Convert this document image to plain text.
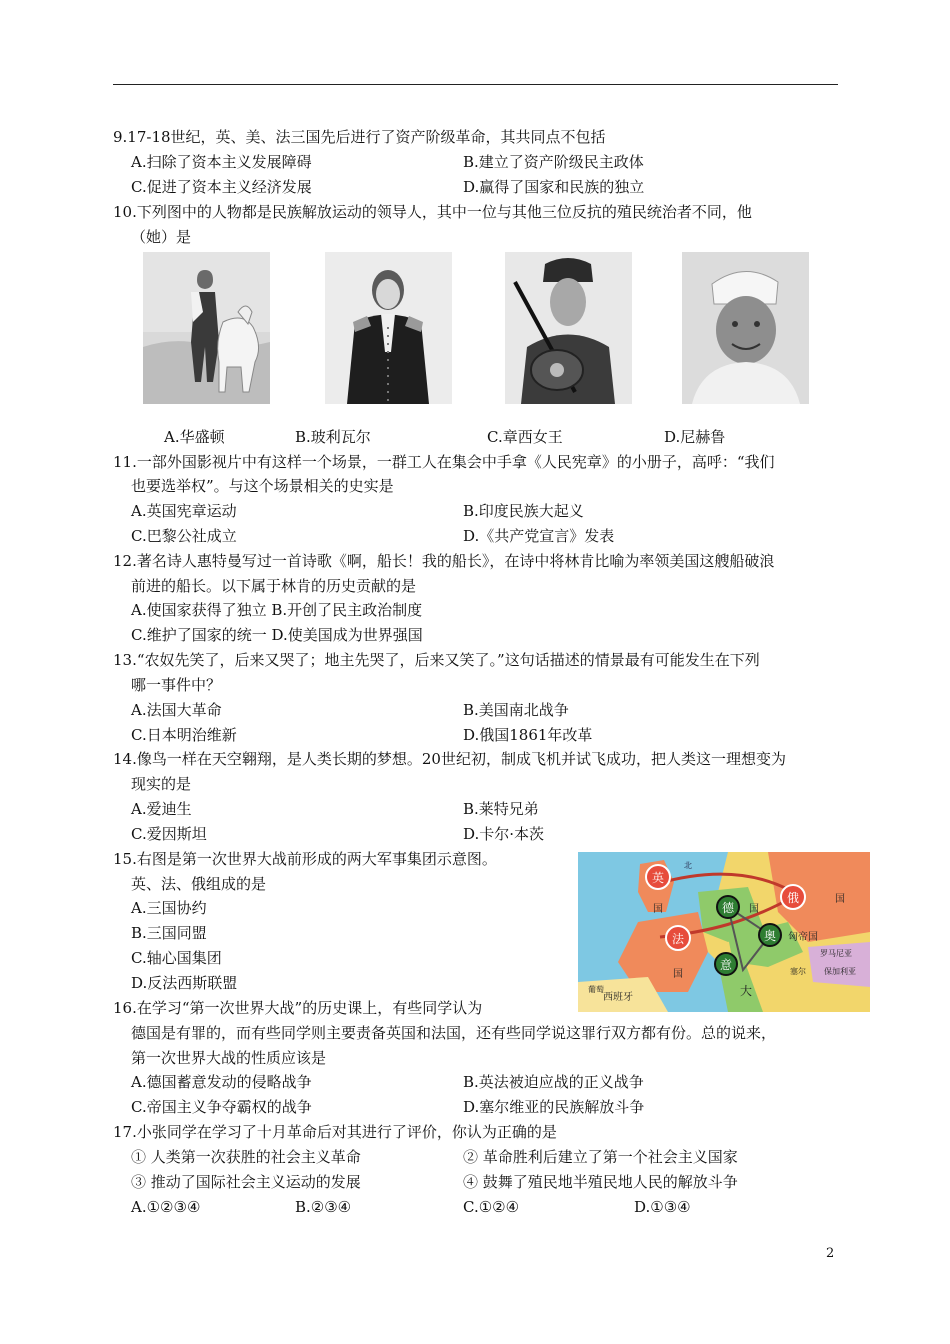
9.17-18世纪，英、美、法三国先后进行了资产阶级革命，其共同点不包括
A.扫除了资本主义发展障碍	B.建立了资产阶级民主政体
C.促进了资本主义经济发展	D.赢得了国家和民族的独立
10.下列图中的人物都是民族解放运动的领导人，其中一位与其他三位反抗的殖民统治者不同，他
（她）是
A.华盛顿	B.玻利瓦尔	C.章西女王	D.尼赫鲁
11.一部外国影视片中有这样一个场景，一群工人在集会中手拿《人民宪章》的小册子，高呼：“我们
也要选举权”。与这个场景相关的史实是
A.英国宪章运动	B.印度民族大起义
C.巴黎公社成立	D.《共产党宣言》发表
12.著名诗人惠特曼写过一首诗歌《啊，船长！我的船长》，在诗中将林肯比喻为率领美国这艘船破浪
前进的船长。以下属于林肯的历史贡献的是
A.使国家获得了独立 B.开创了民主政治制度
C.维护了国家的统一 D.使美国成为世界强国
13.“农奴先笑了，后来又哭了；地主先哭了，后来又笑了。”这句话描述的情景最有可能发生在下列
哪一事件中？
A.法国大革命	B.美国南北战争
C.日本明治维新	D.俄国1861年改革
14.像鸟一样在天空翱翔，是人类长期的梦想。20世纪初，制成飞机并试飞成功，把人类这一理想变为
现实的是
A.爱迪生	B.莱特兄弟
C.爱因斯坦	D.卡尔·本茨
15.右图是第一次世界大战前形成的两大军事集团示意图。
英、法、俄组成的是
A.三国协约
B.三国同盟
C.轴心国集团
D.反法西斯联盟
英
国
法
国
俄	国
德 国
奥 匈帝国
意
大
西班牙
葡萄
罗马尼亚
保加利亚
塞尔
北
16.在学习“第一次世界大战”的历史课上，有些同学认为
德国是有罪的，而有些同学则主要责备英国和法国，还有些同学说这罪行双方都有份。总的说来，
第一次世界大战的性质应该是
A.德国蓄意发动的侵略战争	B.英法被迫应战的正义战争
C.帝国主义争夺霸权的战争	D.塞尔维亚的民族解放斗争
17.小张同学在学习了十月革命后对其进行了评价，你认为正确的是
① 人类第一次获胜的社会主义革命	② 革命胜利后建立了第一个社会主义国家
③ 推动了国际社会主义运动的发展	④ 鼓舞了殖民地半殖民地人民的解放斗争
A.①②③④	B.②③④	C.①②④	D.①③④
2
